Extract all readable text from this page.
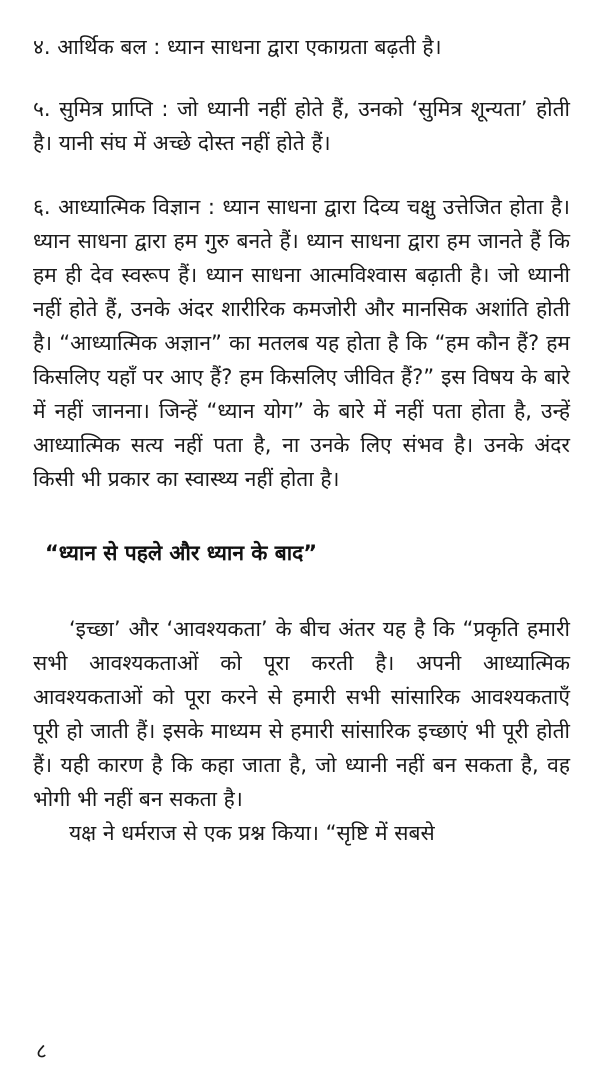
४. आर्थिक बल : ध्यान साधना द्वारा एकाग्रता बढ़ती है।

५. सुमित्र प्राप्ति : जो ध्यानी नहीं होते हैं, उनको ‘सुमित्र शून्यता’ होती है। यानी संघ में अच्छे दोस्त नहीं होते हैं।

६. आध्यात्मिक विज्ञान : ध्यान साधना द्वारा दिव्य चक्षु उत्तेजित होता है। ध्यान साधना द्वारा हम गुरु बनते हैं। ध्यान साधना द्वारा हम जानते हैं कि हम ही देव स्वरूप हैं। ध्यान साधना आत्मविश्वास बढ़ाती है। जो ध्यानी नहीं होते हैं, उनके अंदर शारीरिक कमजोरी और मानसिक अशांति होती है। “आध्यात्मिक अज्ञान” का मतलब यह होता है कि “हम कौन हैं? हम किसलिए यहाँ पर आए हैं? हम किसलिए जीवित हैं?” इस विषय के बारे में नहीं जानना। जिन्हें “ध्यान योग” के बारे में नहीं पता होता है, उन्हें आध्यात्मिक सत्य नहीं पता है, ना उनके लिए संभव है। उनके अंदर किसी भी प्रकार का स्वास्थ्य नहीं होता है।

“ध्यान से पहले और ध्यान के बाद”

‘इच्छा’ और ‘आवश्यकता’ के बीच अंतर यह है कि “प्रकृति हमारी सभी आवश्यकताओं को पूरा करती है। अपनी आध्यात्मिक आवश्यकताओं को पूरा करने से हमारी सभी सांसारिक आवश्यकताएँ पूरी हो जाती हैं। इसके माध्यम से हमारी सांसारिक इच्छाएं भी पूरी होती हैं। यही कारण है कि कहा जाता है, जो ध्यानी नहीं बन सकता है, वह भोगी भी नहीं बन सकता है।

यक्ष ने धर्मराज से एक प्रश्न किया। “सृष्टि में सबसे

८
